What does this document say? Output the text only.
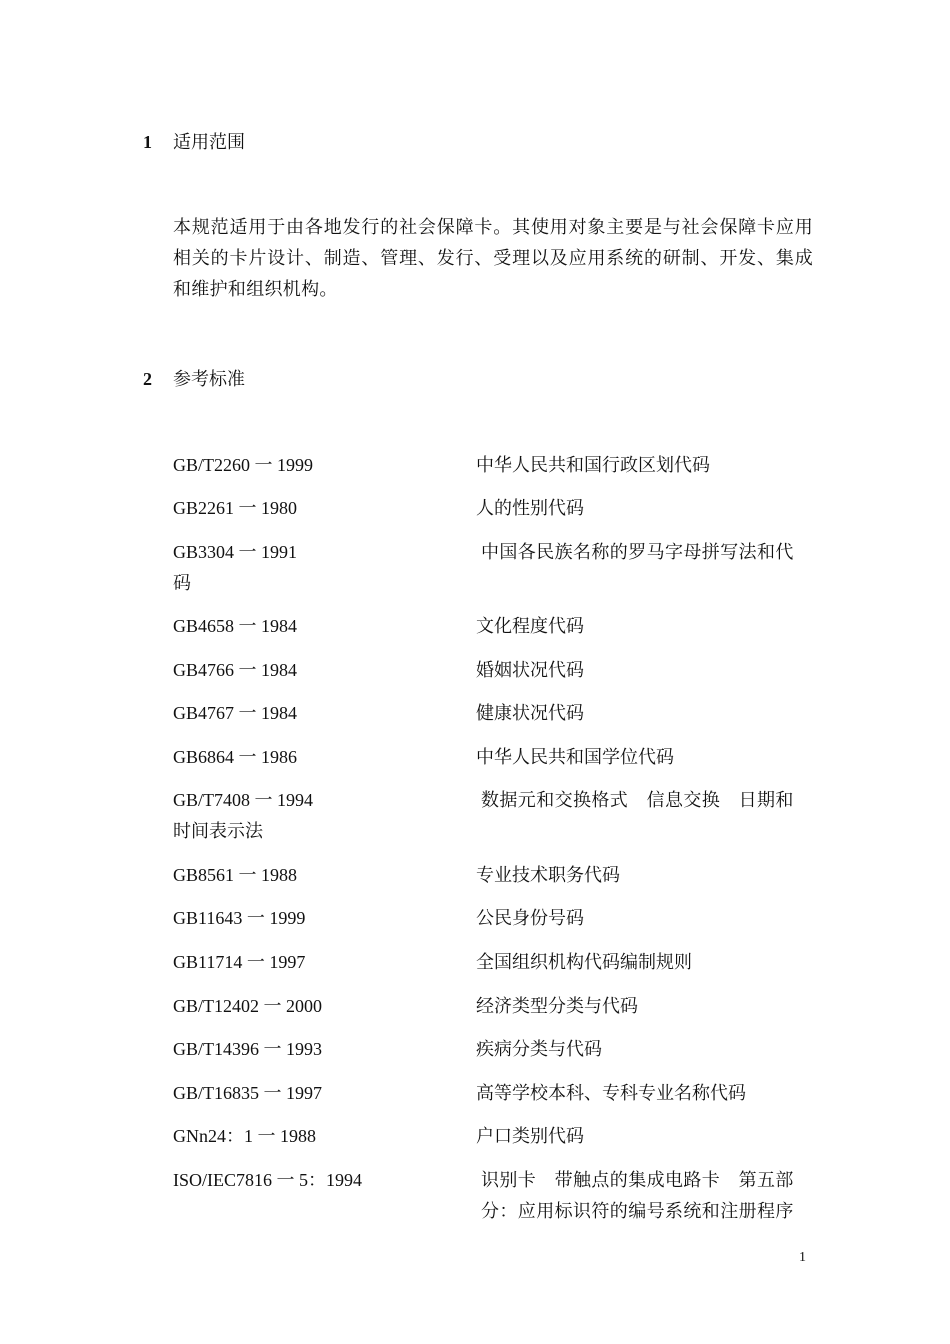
1 适用范围
本规范适用于由各地发行的社会保障卡。其使用对象主要是与社会保障卡应用相关的卡片设计、制造、管理、发行、受理以及应用系统的研制、开发、集成和维护和组织机构。
2 参考标准
GB/T2260 一 1999	中华人民共和国行政区划代码
GB2261 一 1980	人的性别代码
GB3304 一 1991	中国各民族名称的罗马字母拼写法和代
码
GB4658 一 1984	文化程度代码
GB4766 一 1984	婚姻状况代码
GB4767 一 1984	健康状况代码
GB6864 一 1986	中华人民共和国学位代码
GB/T7408 一 1994	数据元和交换格式　信息交换　日期和
时间表示法
GB8561 一 1988	专业技术职务代码
GB11643 一 1999	公民身份号码
GB11714 一 1997	全国组织机构代码编制规则
GB/T12402 一 2000	经济类型分类与代码
GB/T14396 一 1993	疾病分类与代码
GB/T16835 一 1997	高等学校本科、专科专业名称代码
GNn24：1 一 1988	户口类别代码
ISO/IEC7816 一 5：1994	识别卡　带触点的集成电路卡　第五部分：应用标识符的编号系统和注册程序
1
